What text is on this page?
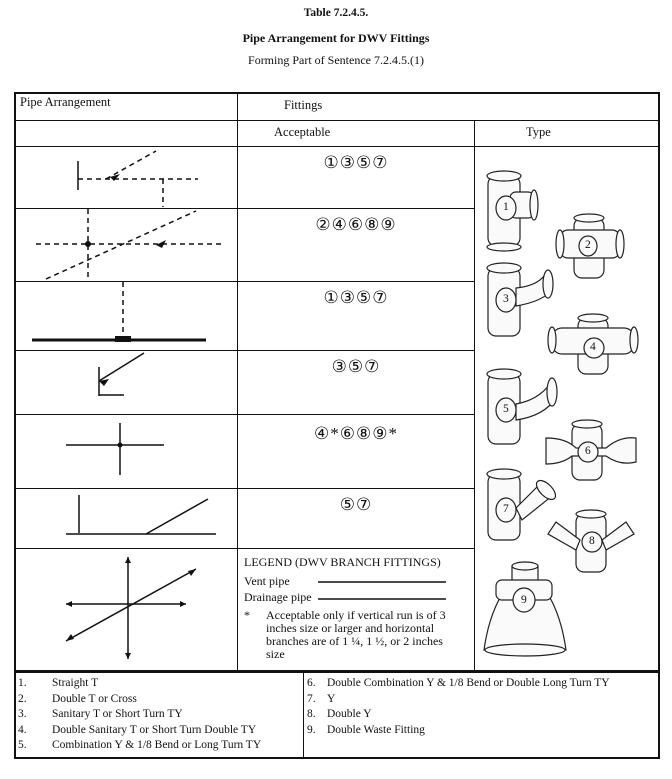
Table 7.2.4.5.
Pipe Arrangement for DWV Fittings
Forming Part of Sentence 7.2.4.5.(1)
Pipe Arrangement	Fittings
Acceptable	Type
①③⑤⑦
②④⑥⑧⑨
①③⑤⑦
③⑤⑦
④*⑥⑧⑨*
⑤⑦
LEGEND (DWV BRANCH FITTINGS)
Vent pipe
Drainage pipe
* Acceptable only if vertical run is of 3
inches size or larger and horizontal
branches are of 1 ¼, 1 ½, or 2 inches
size
1
2
3
4
5
6
7
8
9
1. Straight T
2. Double T or Cross
3. Sanitary T or Short Turn TY
4. Double Sanitary T or Short Turn Double TY
5. Combination Y & 1/8 Bend or Long Turn TY
6. Double Combination Y & 1/8 Bend or Double Long Turn TY
7. Y
8. Double Y
9. Double Waste Fitting
